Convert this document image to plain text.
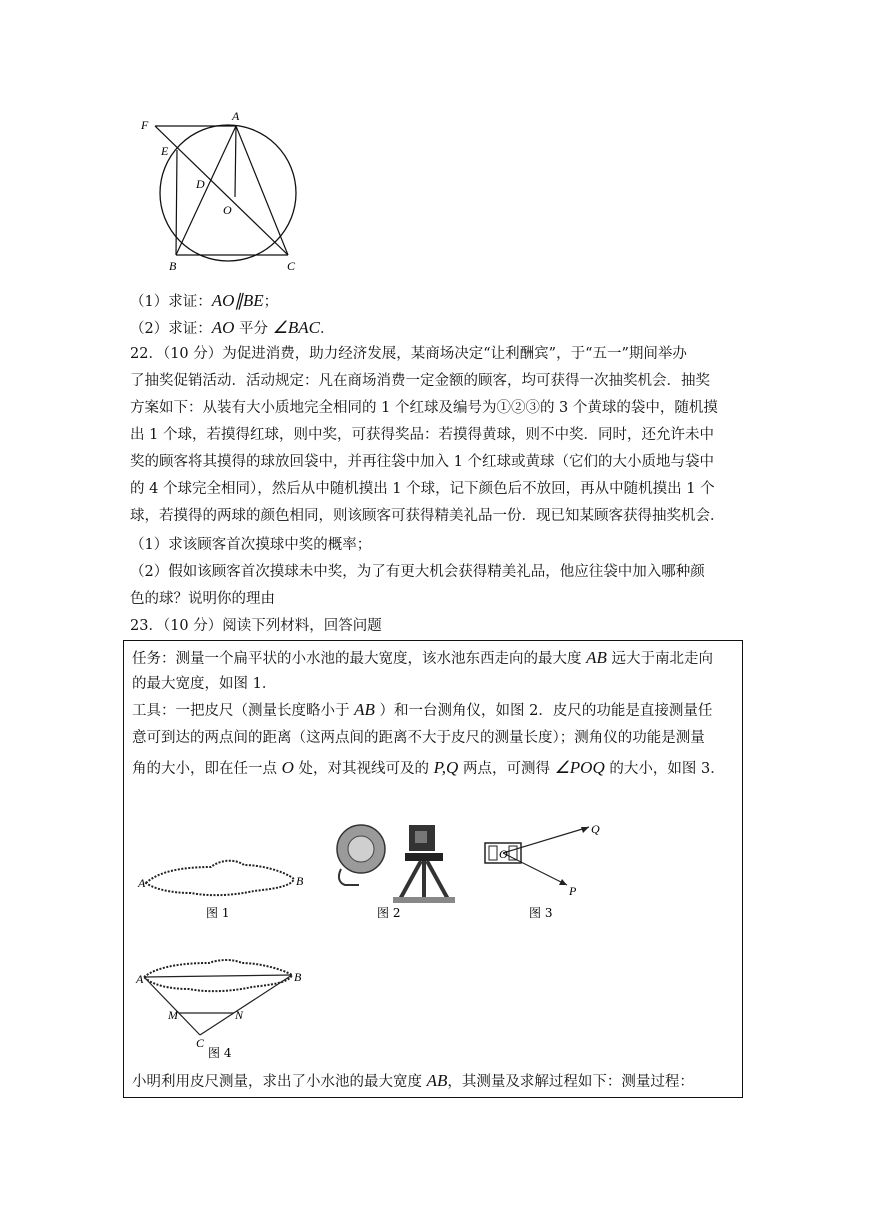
F
A
E
D
O
B	C
（1）求证：AO∥BE；
（2）求证：AO 平分 ∠BAC．
22．（10 分）为促进消费，助力经济发展，某商场决定“让利酬宾”，于“五一”期间举办
了抽奖促销活动．活动规定：凡在商场消费一定金额的顾客，均可获得一次抽奖机会．抽奖
方案如下：从装有大小质地完全相同的 1 个红球及编号为①②③的 3 个黄球的袋中，随机摸
出 1 个球，若摸得红球，则中奖，可获得奖品：若摸得黄球，则不中奖．同时，还允许未中
奖的顾客将其摸得的球放回袋中，并再往袋中加入 1 个红球或黄球（它们的大小质地与袋中
的 4 个球完全相同），然后从中随机摸出 1 个球，记下颜色后不放回，再从中随机摸出 1 个
球，若摸得的两球的颜色相同，则该顾客可获得精美礼品一份．现已知某顾客获得抽奖机会．
（1）求该顾客首次摸球中奖的概率；
（2）假如该顾客首次摸球未中奖，为了有更大机会获得精美礼品，他应往袋中加入哪种颜
色的球？说明你的理由
23．（10 分）阅读下列材料，回答问题
任务：测量一个扁平状的小水池的最大宽度，该水池东西走向的最大度 AB 远大于南北走向
的最大宽度，如图 1．
工具：一把皮尺（测量长度略小于 AB ）和一台测角仪，如图 2．皮尺的功能是直接测量任
意可到达的两点间的距离（这两点间的距离不大于皮尺的测量长度）；测角仪的功能是测量
角的大小，即在任一点 O 处，对其视线可及的 P,Q 两点，可测得 ∠POQ 的大小，如图 3．
A	B
图 1	图 2
O
Q
P
图 3
A	B
M	N
C
图 4
小明利用皮尺测量，求出了小水池的最大宽度 AB，其测量及求解过程如下：测量过程：
